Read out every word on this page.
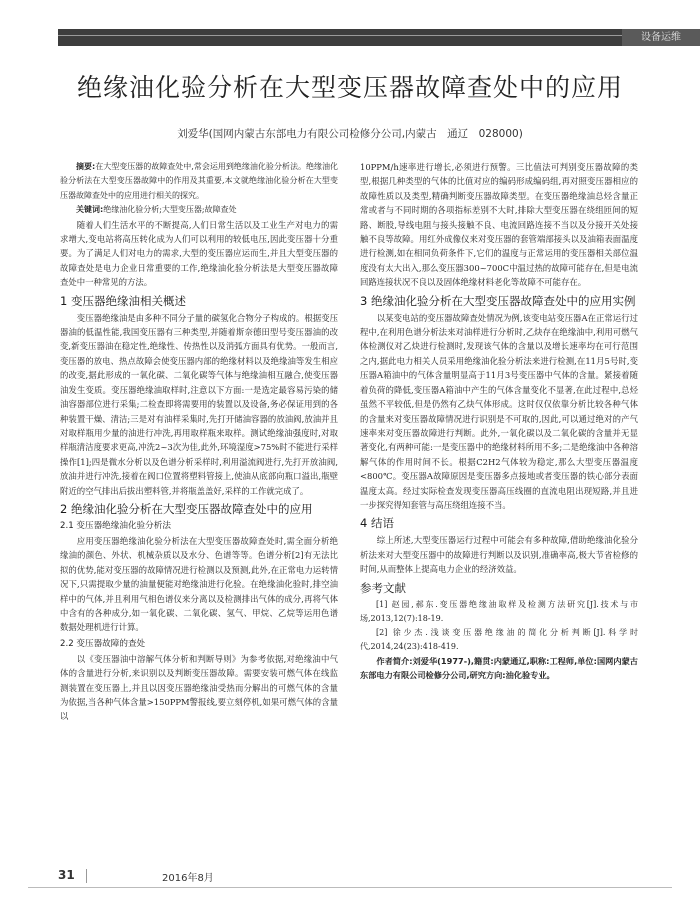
设备运维
绝缘油化验分析在大型变压器故障查处中的应用
刘爱华(国网内蒙古东部电力有限公司检修分公司,内蒙古　通辽　028000)

摘要:在大型变压器的故障查处中,常会运用到绝缘油化验分析法。绝缘油化验分析法在大型变压器故障中的作用及其重要,本文就绝缘油化验分析在大型变压器故障查处中的应用进行相关的探究。

关键词:绝缘油化验分析;大型变压器;故障查处

随着人们生活水平的不断提高,人们日常生活以及工业生产对电力的需求增大,变电站将高压转化成为人们可以利用的较低电压,因此变压器十分重要。为了满足人们对电力的需求,大型的变压器应运而生,并且大型变压器的故障查处是电力企业日常重要的工作,绝缘油化验分析法是大型变压器故障查处中一种常见的方法。

1 变压器绝缘油相关概述

变压器绝缘油是由多种不同分子量的碳氢化合物分子构成的。根据变压器油的低温性能,我国变压器有三种类型,并随着斯奈德田型号变压器油的改变,新变压器油在稳定性,绝缘性、传热性以及消弧方面具有优势。一般而言,变压器的放电、热点故障会使变压器内部的绝缘材料以及绝缘油等发生相应的改变,据此形成的一氧化碳、二氧化碳等气体与绝缘油相互融合,使变压器油发生变质。变压器绝缘油取样时,注意以下方面:一是选定最容易污染的储油容器部位进行采集;二检查即将需要用的装置以及设备,务必保证用到的各种装置干燥、清洁;三是对有油样采集时,先打开储油容器的放油阀,放油并且对取样瓶用少量的油进行冲洗,再用取样瓶来取样。测试绝缘油强度时,对取样瓶清洁度要求更高,冲洗2~3次为佳,此外,环境湿度>75%时不能进行采样操作[1];四是微水分析以及色谱分析采样时,利用溢流阀进行,先打开放油阀,放油并进行冲洗,接着在阀口位置将塑料管接上,使油从底部向瓶口溢出,瓶壁附近的空气排出后拔出塑料管,并将瓶盖盖好,采样的工作就完成了。

2 绝缘油化验分析在大型变压器故障查处中的应用
2.1 变压器绝缘油化验分析法

应用变压器绝缘油化验分析法在大型变压器故障查处时,需全面分析绝缘油的颜色、外状、机械杂质以及水分、色谱等等。色谱分析[2]有无法比拟的优势,能对变压器的故障情况进行检测以及预测,此外,在正常电力运转情况下,只需提取少量的油量便能对绝缘油进行化验。在绝缘油化验时,排空油样中的气体,并且利用气相色谱仪来分离以及检测排出气体的成分,再将气体中含有的各种成分,如一氧化碳、二氧化碳、氢气、甲烷、乙烷等运用色谱数据处理机进行计算。

2.2 变压器故障的查处

以《变压器油中溶解气体分析和判断导则》为参考依据,对绝缘油中气体的含量进行分析,来识别以及判断变压器故障。需要安装可燃气体在线监测装置在变压器上,并且以因变压器绝缘油受热而分解出的可燃气体的含量为依据,当各种气体含量>150PPM警报线,要立刻停机,如果可燃气体的含量以

10PPM/h速率进行增长,必须进行预警。三比值法可判别变压器故障的类型,根据几种类型的气体的比值对应的编码形成编码组,再对照变压器相应的故障性质以及类型,精确判断变压器故障类型。在变压器绝缘油总烃含量正常或者与不同时期的各项指标差别不大时,排除大型变压器在绕组匝间的短路、断股,导线电阻与接头接触不良、电流回路连接不当以及分接开关处接触不良等故障。用红外成像仪来对变压器的套管端部接头以及油箱表面温度进行检测,如在相同负荷条件下,它们的温度与正常运用的变压器相关部位温度没有太大出入,那么变压器300~700C中温过热的故障可能存在,但是电流回路连接状况不良以及固体绝缘材料老化等故障不可能存在。

3 绝缘油化验分析在大型变压器故障查处中的应用实例

以某变电站的变压器故障查处情况为例,该变电站变压器A在正常运行过程中,在利用色谱分析法来对油样进行分析时,乙炔存在绝缘油中,利用可燃气体检测仪对乙炔进行检测时,发现该气体的含量以及增长速率均在可行范围之内,据此电力相关人员采用绝缘油化验分析法来进行检测,在11月5号时,变压器A箱油中的气体含量明显高于11月3号变压器中气体的含量。紧接着随着负荷的降低,变压器A箱油中产生的气体含量变化不显著,在此过程中,总烃虽然不平较低,但是仍然有乙炔气体形成。这时仅仅依靠分析比较各种气体的含量来对变压器故障情况进行识别是不可取的,因此,可以通过绝对的产气速率来对变压器故障进行判断。此外,一氧化碳以及二氧化碳的含量并无显著变化,有两种可能:一是变压器中的绝缘材料所用不多;二是绝缘油中各种溶解气体的作用时间不长。根据C2H2气体较为稳定,那么大型变压器温度<800℃。变压器A故障原因是变压器多点接地或者变压器的铁心部分表面温度太高。经过实际检查发现变压器高压线圈的直流电阻出现短路,并且进一步探究得知套管与高压绕组连接不当。

4 结语

综上所述,大型变压器运行过程中可能会有多种故障,借助绝缘油化验分析法来对大型变压器中的故障进行判断以及识别,准确率高,极大节省检修的时间,从而整体上提高电力企业的经济效益。

参考文献

[1] 赵园,郝东.变压器绝缘油取样及检测方法研究[J].技术与市场,2013,12(7):18-19.

[2] 徐少杰.浅谈变压器绝缘油的简化分析判断[J].科学时代,2014,24(23):418-419.

作者简介:刘爱华(1977-),籍贯:内蒙通辽,职称:工程师,单位:国网内蒙古东部电力有限公司检修分公司,研究方向:油化验专业。

31	2016年8月
